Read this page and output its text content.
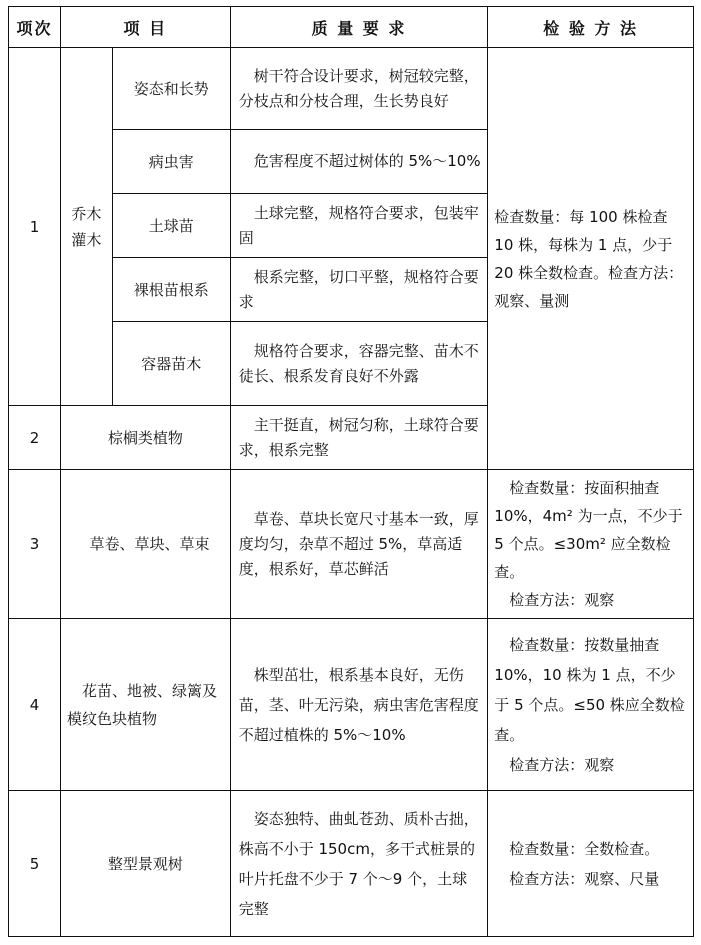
项次	项 目		质 量 要 求	检 验 方 法
1	乔木灌木	姿态和长势	树干符合设计要求，树冠较完整，分枝点和分枝合理，生长势良好	检查数量：每 100 株检查 10 株，每株为 1 点，少于 20 株全数检查。检查方法：观察、量测
		病虫害	危害程度不超过树体的 5%～10%	
		土球苗	土球完整，规格符合要求，包装牢固	
		裸根苗根系	根系完整，切口平整，规格符合要求	
		容器苗木	规格符合要求，容器完整、苗木不徒长、根系发育良好不外露	
2	棕榈类植物		主干挺直，树冠匀称，土球符合要求，根系完整	
3	草卷、草块、草束		草卷、草块长宽尺寸基本一致，厚度均匀，杂草不超过 5%，草高适度，根系好，草芯鲜活	检查数量：按面积抽查 10%，4m² 为一点，不少于 5 个点。≤30m² 应全数检查。
检查方法：观察

4	花苗、地被、绿篱及模纹色块植物		株型茁壮，根系基本良好，无伤苗，茎、叶无污染，病虫害危害程度不超过植株的 5%～10%	检查数量：按数量抽查 10%，10 株为 1 点，不少于 5 个点。≤50 株应全数检查。
检查方法：观察

5	整型景观树		姿态独特、曲虬苍劲、质朴古拙，株高不小于 150cm，多干式桩景的叶片托盘不少于 7 个～9 个，土球完整	检查数量：全数检查。
检查方法：观察、尺量
